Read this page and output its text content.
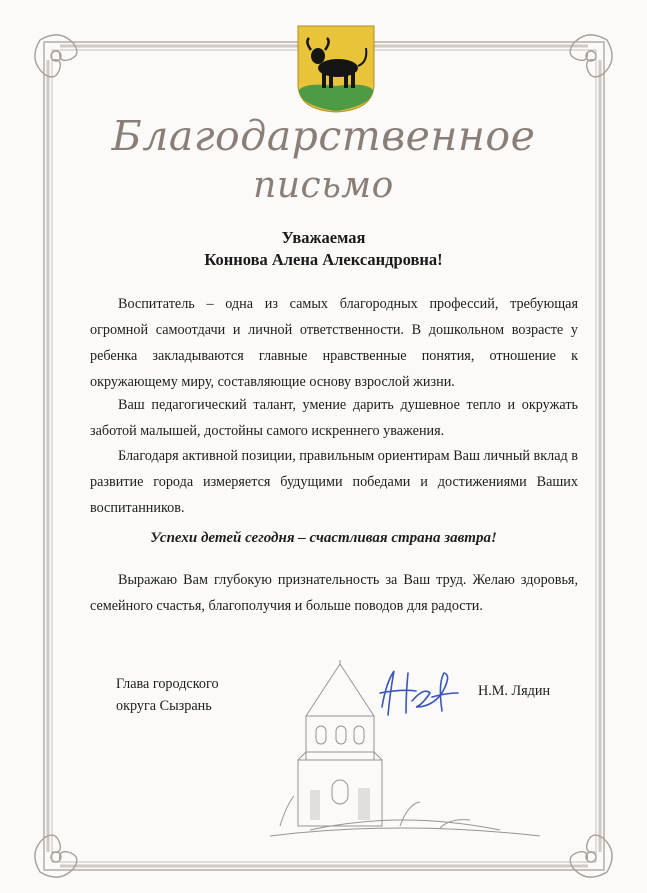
Благодарственное
письмо
Уважаемая
Коннова Алена Александровна!

Воспитатель – одна из самых благородных профессий, требующая огромной самоотдачи и личной ответственности. В дошкольном возрасте у ребенка закладываются главные нравственные понятия, отношение к окружающему миру, составляющие основу взрослой жизни.

Ваш педагогический талант, умение дарить душевное тепло и окружать заботой малышей, достойны самого искреннего уважения.

Благодаря активной позиции, правильным ориентирам Ваш личный вклад в развитие города измеряется будущими победами и достижениями Ваших воспитанников.

Успехи детей сегодня – счастливая страна завтра!

Выражаю Вам глубокую признательность за Ваш труд. Желаю здоровья, семейного счастья, благополучия и больше поводов для радости.

Глава городского
округа Сызрань
Н.М. Лядин
